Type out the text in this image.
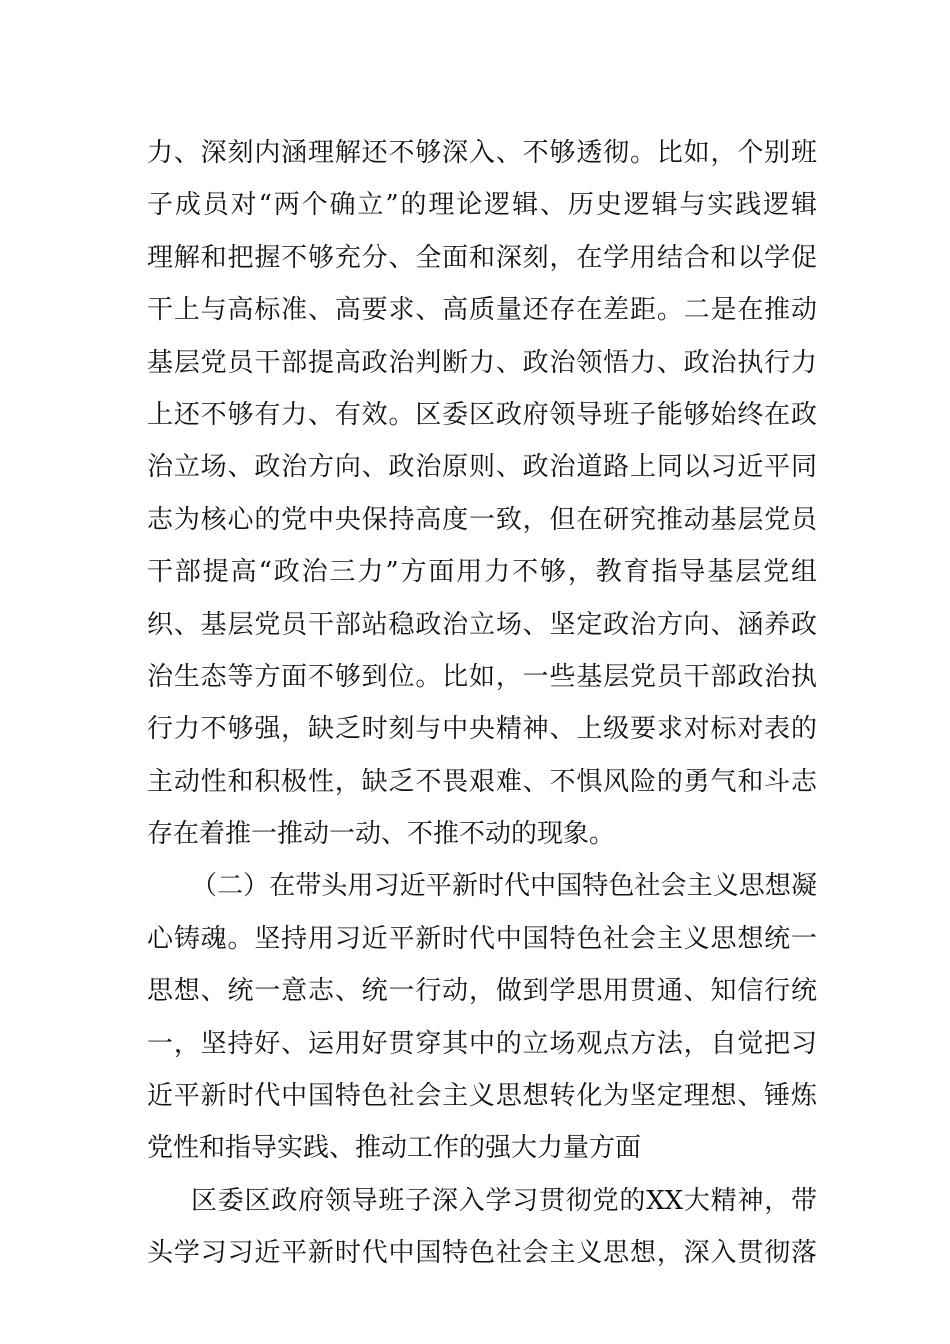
力、深刻内涵理解还不够深入、不够透彻。比如，个别班
子成员对“两个确立”的理论逻辑、历史逻辑与实践逻辑
理解和把握不够充分、全面和深刻，在学用结合和以学促
干上与高标准、高要求、高质量还存在差距。二是在推动
基层党员干部提高政治判断力、政治领悟力、政治执行力
上还不够有力、有效。区委区政府领导班子能够始终在政
治立场、政治方向、政治原则、政治道路上同以习近平同
志为核心的党中央保持高度一致，但在研究推动基层党员
干部提高“政治三力”方面用力不够，教育指导基层党组
织、基层党员干部站稳政治立场、坚定政治方向、涵养政
治生态等方面不够到位。比如，一些基层党员干部政治执
行力不够强，缺乏时刻与中央精神、上级要求对标对表的
主动性和积极性，缺乏不畏艰难、不惧风险的勇气和斗志
存在着推一推动一动、不推不动的现象。
（二）在带头用习近平新时代中国特色社会主义思想凝
心铸魂。坚持用习近平新时代中国特色社会主义思想统一
思想、统一意志、统一行动，做到学思用贯通、知信行统
一，坚持好、运用好贯穿其中的立场观点方法，自觉把习
近平新时代中国特色社会主义思想转化为坚定理想、锤炼
党性和指导实践、推动工作的强大力量方面
区委区政府领导班子深入学习贯彻党的XX大精神，带
头学习习近平新时代中国特色社会主义思想，深入贯彻落
